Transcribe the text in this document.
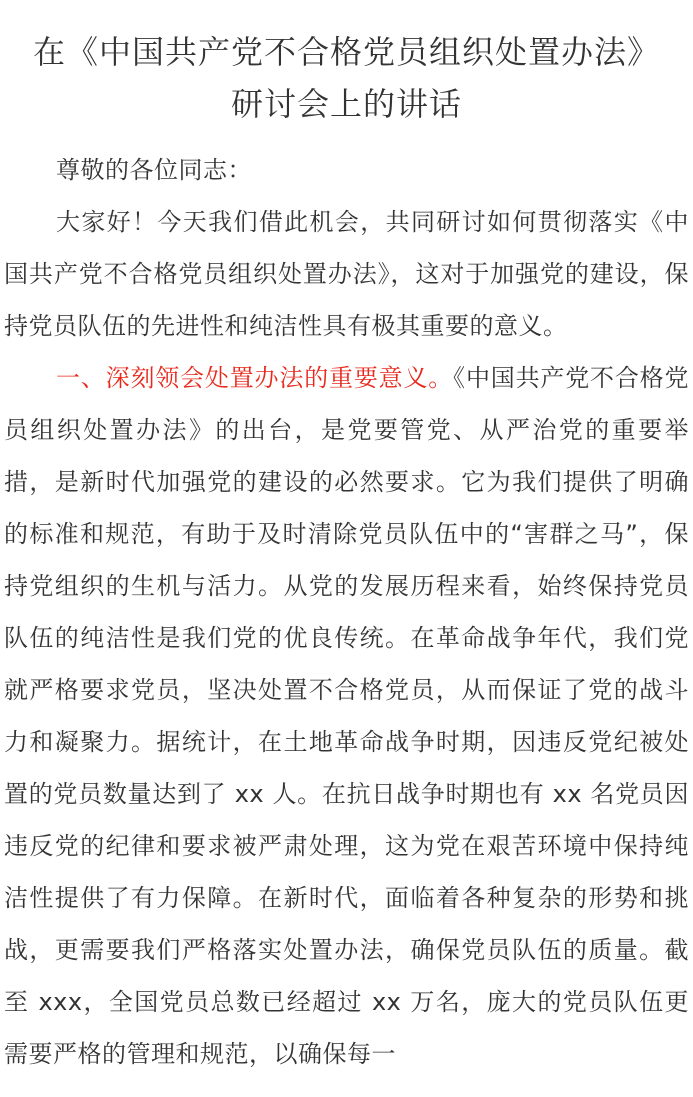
在《中国共产党不合格党员组织处置办法》
研讨会上的讲话

尊敬的各位同志：

大家好！今天我们借此机会，共同研讨如何贯彻落实《中国共产党不合格党员组织处置办法》，这对于加强党的建设，保持党员队伍的先进性和纯洁性具有极其重要的意义。

一、深刻领会处置办法的重要意义。《中国共产党不合格党员组织处置办法》的出台，是党要管党、从严治党的重要举措，是新时代加强党的建设的必然要求。它为我们提供了明确的标准和规范，有助于及时清除党员队伍中的“害群之马”，保持党组织的生机与活力。从党的发展历程来看，始终保持党员队伍的纯洁性是我们党的优良传统。在革命战争年代，我们党就严格要求党员，坚决处置不合格党员，从而保证了党的战斗力和凝聚力。据统计，在土地革命战争时期，因违反党纪被处置的党员数量达到了 xx 人。在抗日战争时期也有 xx 名党员因违反党的纪律和要求被严肃处理，这为党在艰苦环境中保持纯洁性提供了有力保障。在新时代，面临着各种复杂的形势和挑战，更需要我们严格落实处置办法，确保党员队伍的质量。截至 xxx，全国党员总数已经超过 xx 万名，庞大的党员队伍更需要严格的管理和规范，以确保每一
